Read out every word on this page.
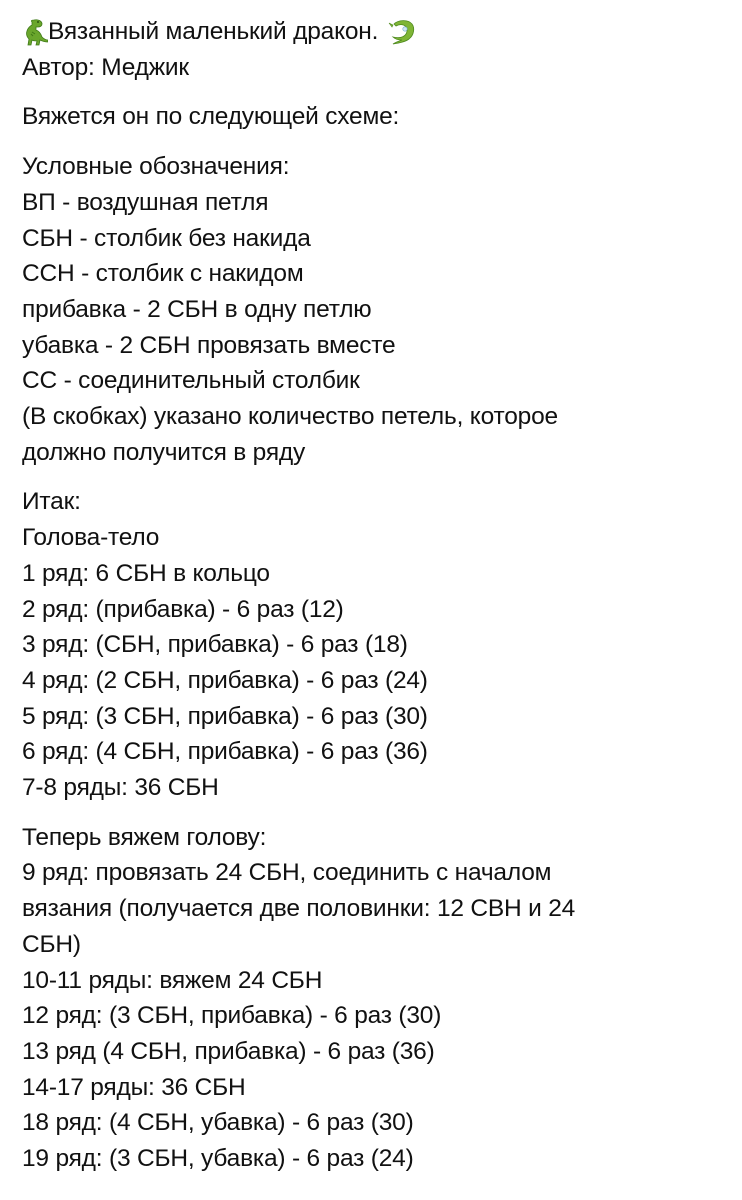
Вязанный маленький дракон.
Автор: Меджик
Вяжется он по следующей схеме:
Условные обозначения:
ВП - воздушная петля
СБН - столбик без накида
ССН - столбик с накидом
прибавка - 2 СБН в одну петлю
убавка - 2 СБН провязать вместе
СС - соединительный столбик
(В скобках) указано количество петель, которое
должно получится в ряду
Итак:
Голова-тело
1 ряд: 6 СБН в кольцо
2 ряд: (прибавка) - 6 раз (12)
3 ряд: (СБН, прибавка) - 6 раз (18)
4 ряд: (2 СБН, прибавка) - 6 раз (24)
5 ряд: (3 СБН, прибавка) - 6 раз (30)
6 ряд: (4 СБН, прибавка) - 6 раз (36)
7-8 ряды: 36 СБН
Теперь вяжем голову:
9 ряд: провязать 24 СБН, соединить с началом
вязания (получается две половинки: 12 СВН и 24
СБН)
10-11 ряды: вяжем 24 СБН
12 ряд: (3 СБН, прибавка) - 6 раз (30)
13 ряд (4 СБН, прибавка) - 6 раз (36)
14-17 ряды: 36 СБН
18 ряд: (4 СБН, убавка) - 6 раз (30)
19 ряд: (3 СБН, убавка) - 6 раз (24)
